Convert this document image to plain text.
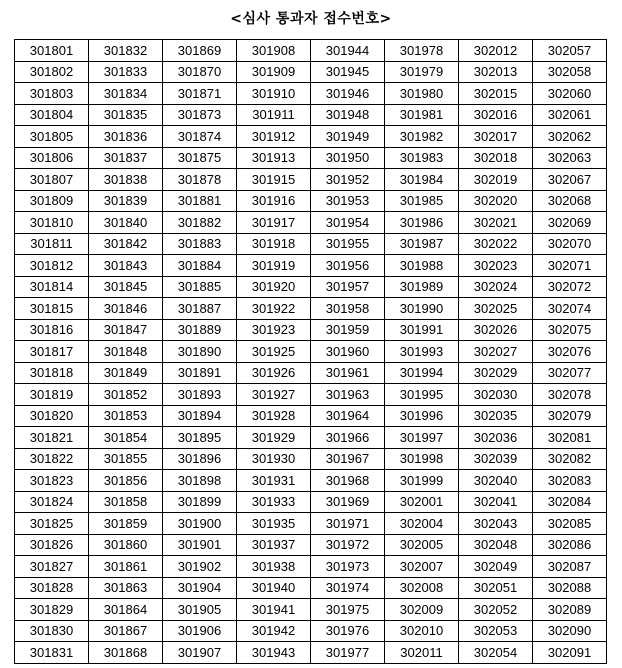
<심사 통과자 접수번호>
301801	301832	301869	301908	301944	301978	302012	302057
301802	301833	301870	301909	301945	301979	302013	302058
301803	301834	301871	301910	301946	301980	302015	302060
301804	301835	301873	301911	301948	301981	302016	302061
301805	301836	301874	301912	301949	301982	302017	302062
301806	301837	301875	301913	301950	301983	302018	302063
301807	301838	301878	301915	301952	301984	302019	302067
301809	301839	301881	301916	301953	301985	302020	302068
301810	301840	301882	301917	301954	301986	302021	302069
301811	301842	301883	301918	301955	301987	302022	302070
301812	301843	301884	301919	301956	301988	302023	302071
301814	301845	301885	301920	301957	301989	302024	302072
301815	301846	301887	301922	301958	301990	302025	302074
301816	301847	301889	301923	301959	301991	302026	302075
301817	301848	301890	301925	301960	301993	302027	302076
301818	301849	301891	301926	301961	301994	302029	302077
301819	301852	301893	301927	301963	301995	302030	302078
301820	301853	301894	301928	301964	301996	302035	302079
301821	301854	301895	301929	301966	301997	302036	302081
301822	301855	301896	301930	301967	301998	302039	302082
301823	301856	301898	301931	301968	301999	302040	302083
301824	301858	301899	301933	301969	302001	302041	302084
301825	301859	301900	301935	301971	302004	302043	302085
301826	301860	301901	301937	301972	302005	302048	302086
301827	301861	301902	301938	301973	302007	302049	302087
301828	301863	301904	301940	301974	302008	302051	302088
301829	301864	301905	301941	301975	302009	302052	302089
301830	301867	301906	301942	301976	302010	302053	302090
301831	301868	301907	301943	301977	302011	302054	302091
